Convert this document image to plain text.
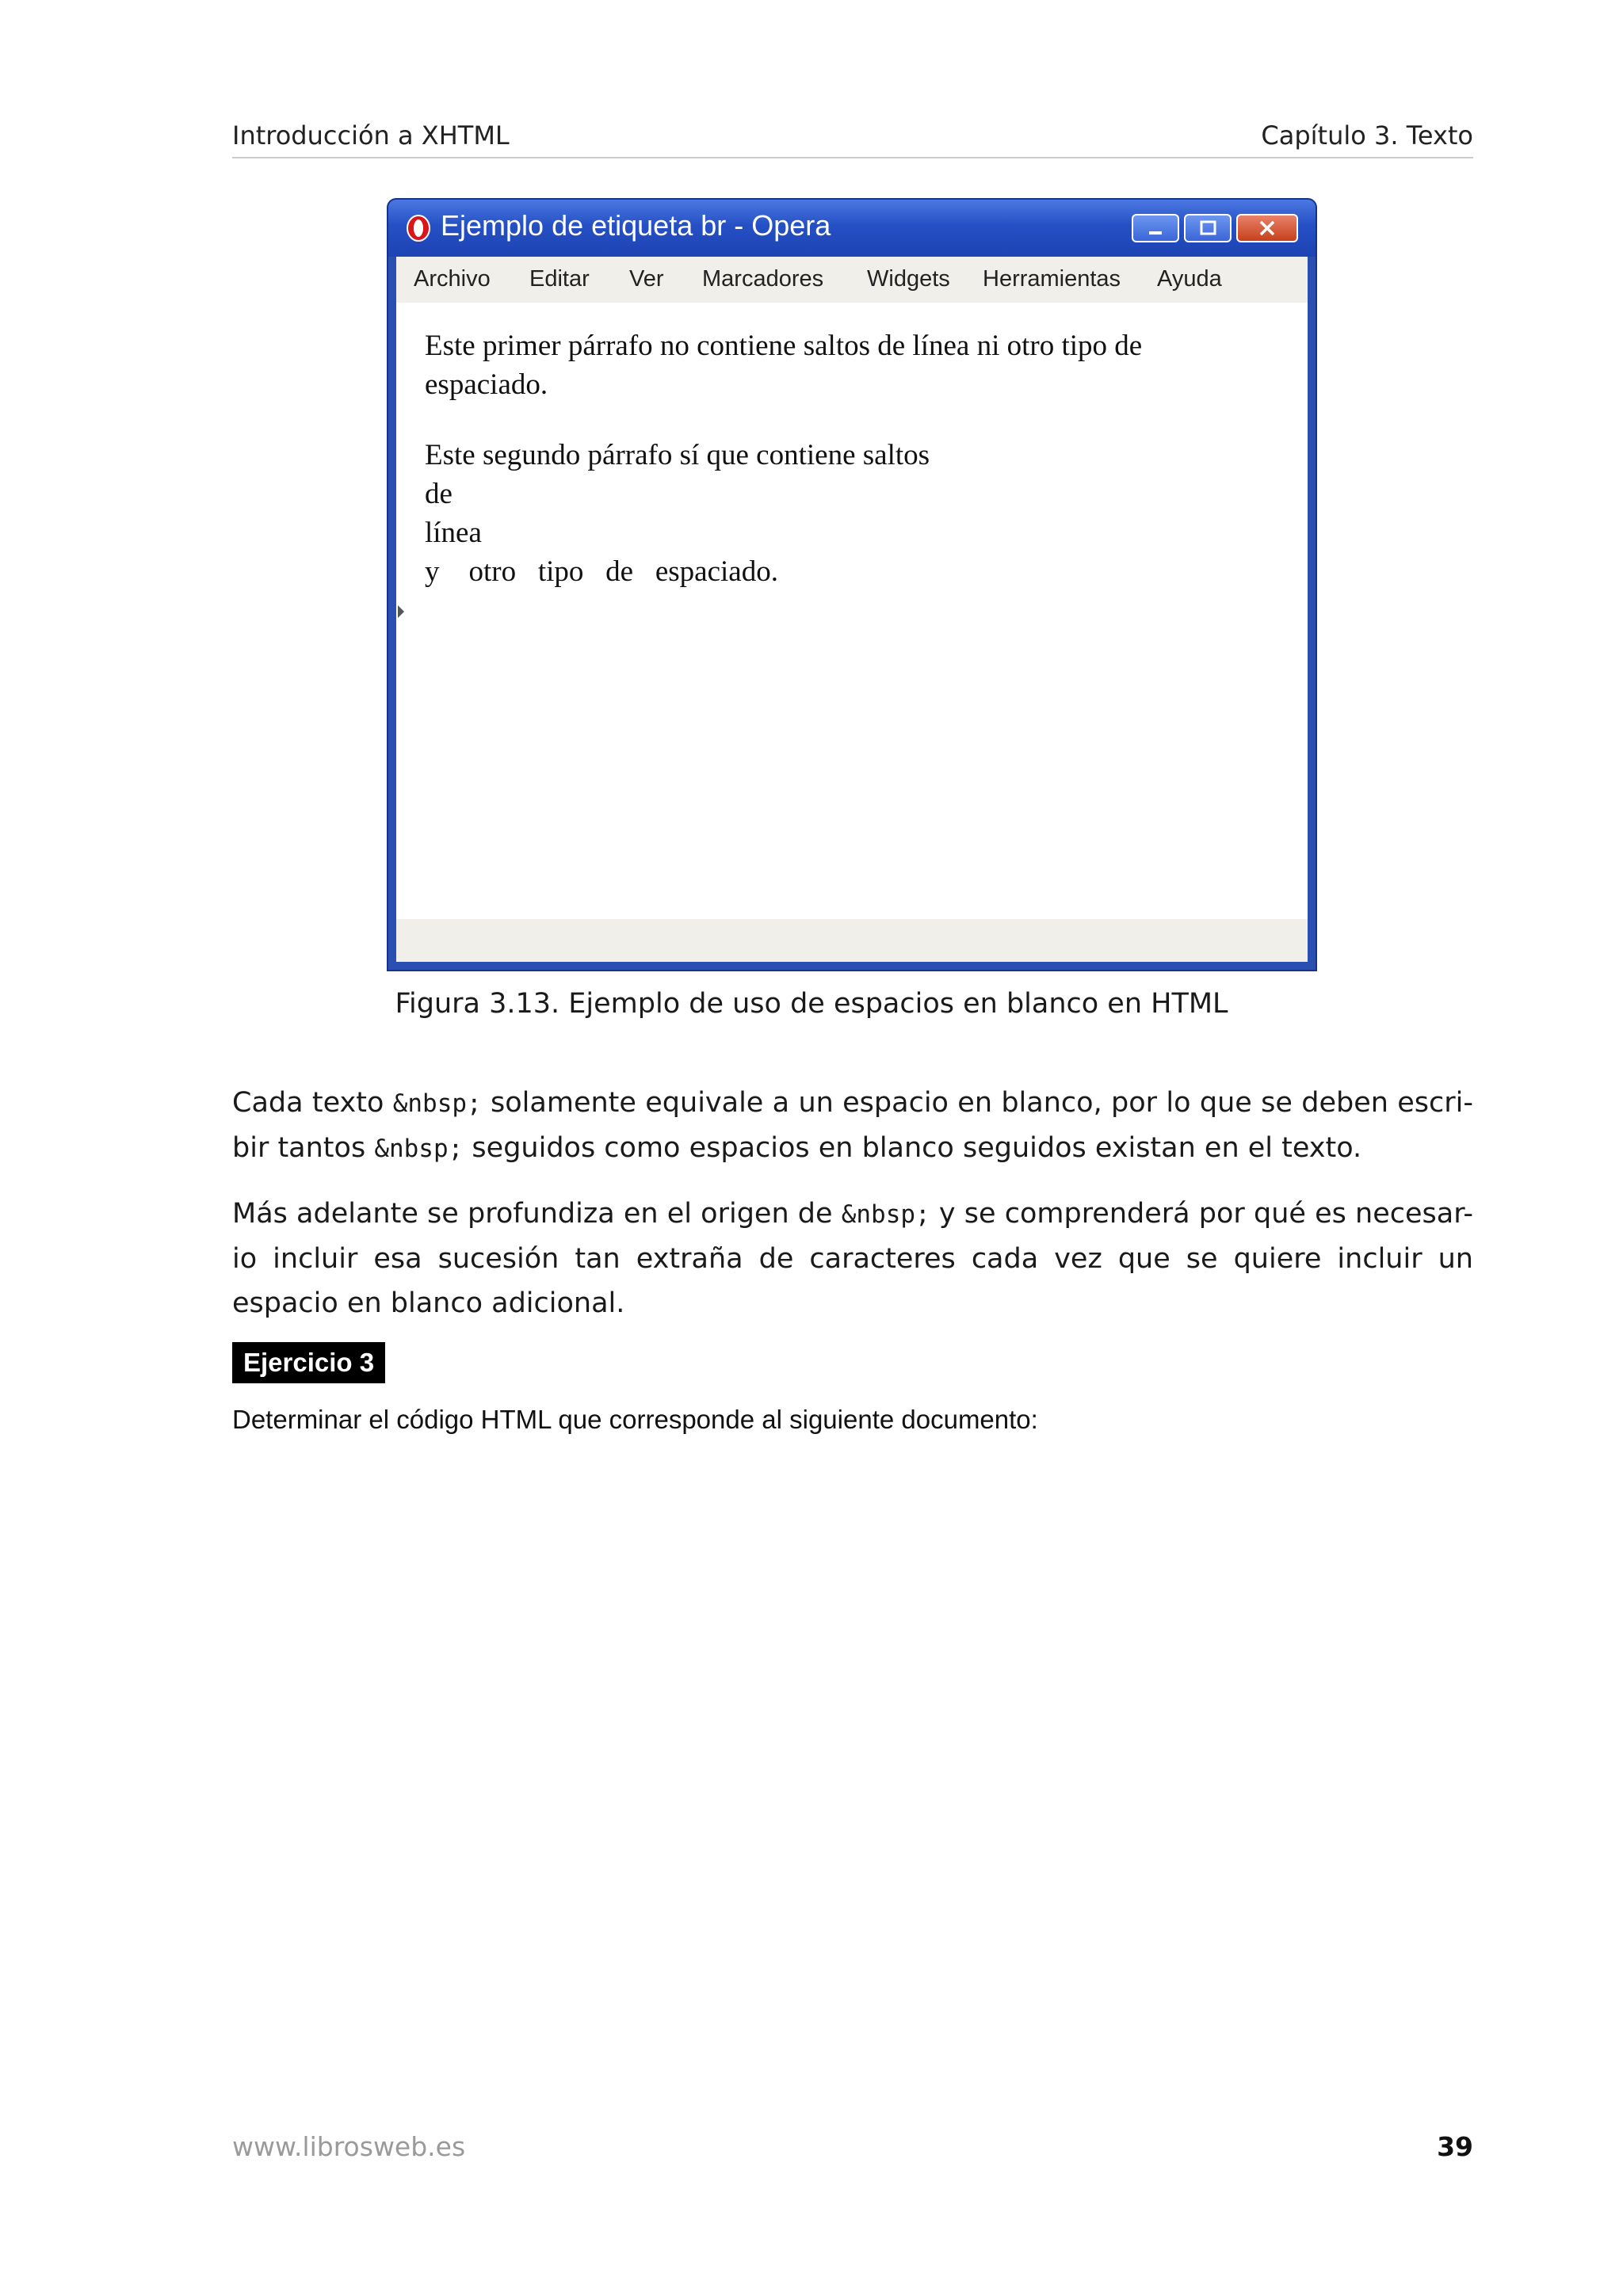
Introducción a XHTML	Capítulo 3. Texto
Ejemplo de etiqueta br - Opera
Archivo Editar Ver Marcadores Widgets Herramientas Ayuda

Este primer párrafo no contiene saltos de línea ni otro tipo de
espaciado.

Este segundo párrafo sí que contiene saltos
de
línea
y    otro   tipo   de   espaciado.

Figura 3.13. Ejemplo de uso de espacios en blanco en HTML

Cada texto &nbsp; solamente equivale a un espacio en blanco, por lo que se deben escri-bir tantos &nbsp; seguidos como espacios en blanco seguidos existan en el texto.

Más adelante se profundiza en el origen de &nbsp; y se comprenderá por qué es necesar-io incluir esa sucesión tan extraña de caracteres cada vez que se quiere incluir un espacio en blanco adicional.

Ejercicio 3
Determinar el código HTML que corresponde al siguiente documento:
www.librosweb.es	39
